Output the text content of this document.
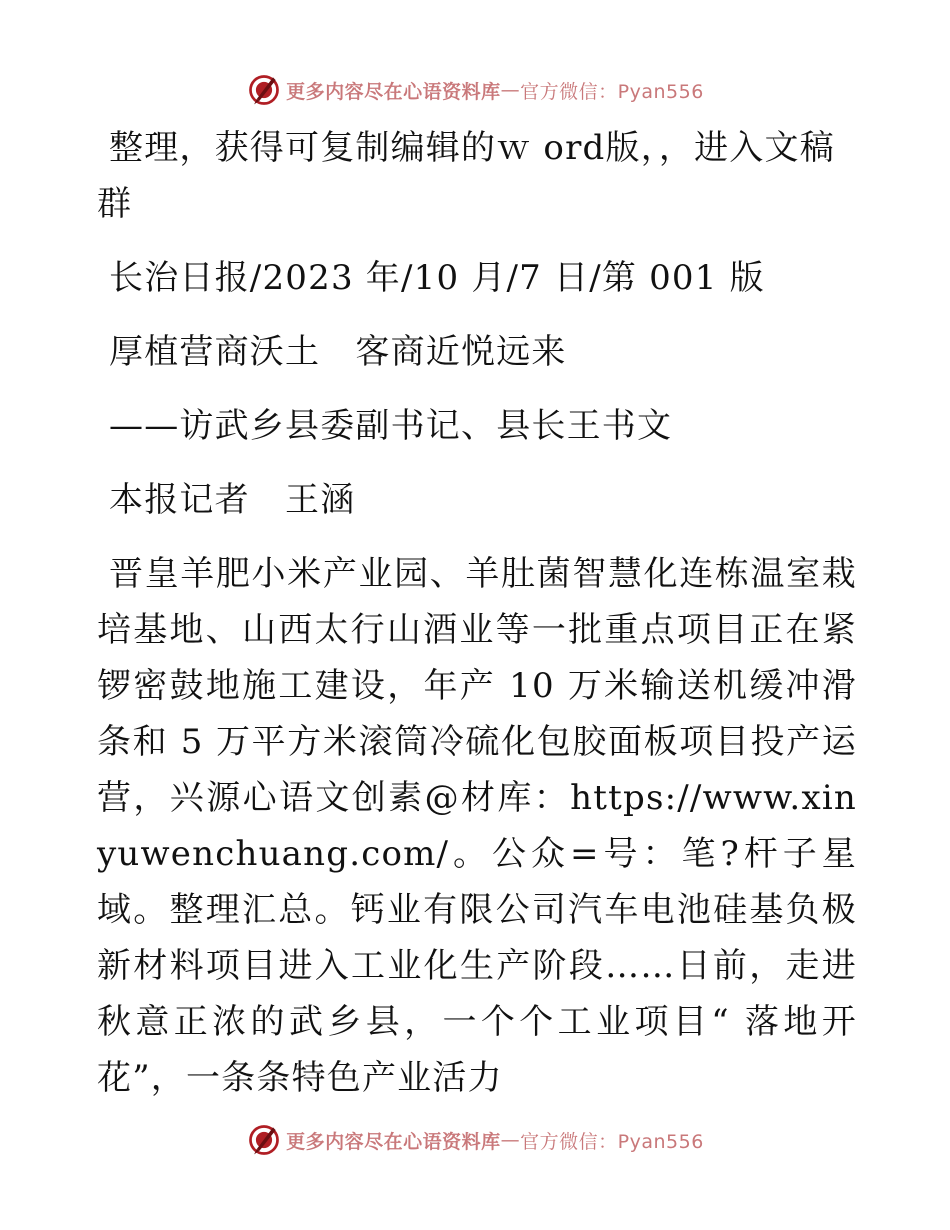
更多内容尽在心语资料库 — 官方微信：Pyan556

整理，获得可复制编辑的ｗ ord版，，进入文稿群

长治日报/2023 年/10 月/7 日/第 001 版

厚植营商沃土　客商近悦远来

——访武乡县委副书记、县长王书文

本报记者　王涵

晋皇羊肥小米产业园、羊肚菌智慧化连栋温室栽培基地、山西太行山酒业等一批重点项目正在紧锣密鼓地施工建设，年产 10 万米输送机缓冲滑条和 5 万平方米滚筒冷硫化包胶面板项目投产运营，兴源心语文创素@材库：https://www.xinyuwenchuang.com/。公众=号：笔?杆子星域。整理汇总。钙业有限公司汽车电池硅基负极新材料项目进入工业化生产阶段……日前，走进秋意正浓的武乡县，一个个工业项目“ 落地开花”，一条条特色产业活力

更多内容尽在心语资料库 — 官方微信：Pyan556
